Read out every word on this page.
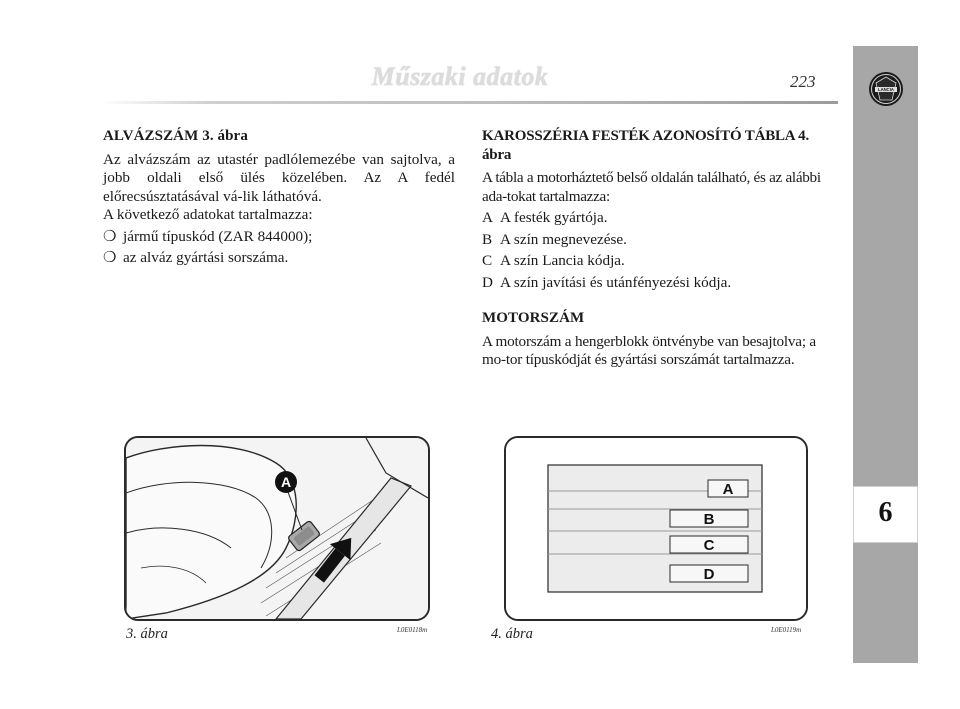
Műszaki adatok	223	LANCIA
6

ALVÁZSZÁM 3. ábra

Az alvázszám az utastér padlólemezébe van sajtolva, a jobb oldali első ülés közelében. Az A fedél előrecsúsztatásával vá-lik láthatóvá.

A következő adatokat tartalmazza:

❍ jármű típuskód (ZAR 844000);
❍ az alváz gyártási sorszáma.

KAROSSZÉRIA FESTÉK AZONOSÍTÓ TÁBLA 4. ábra

A tábla a motorháztető belső oldalán található, és az alábbi ada-tokat tartalmazza:

A A festék gyártója.
B A szín megnevezése.
C A szín Lancia kódja.
D A szín javítási és utánfényezési kódja.

MOTORSZÁM

A motorszám a hengerblokk öntvénybe van besajtolva; a mo-tor típuskódját és gyártási sorszámát tartalmazza.

A
3. ábra	L0E0118m
A
B
C
D
4. ábra	L0E0119m
